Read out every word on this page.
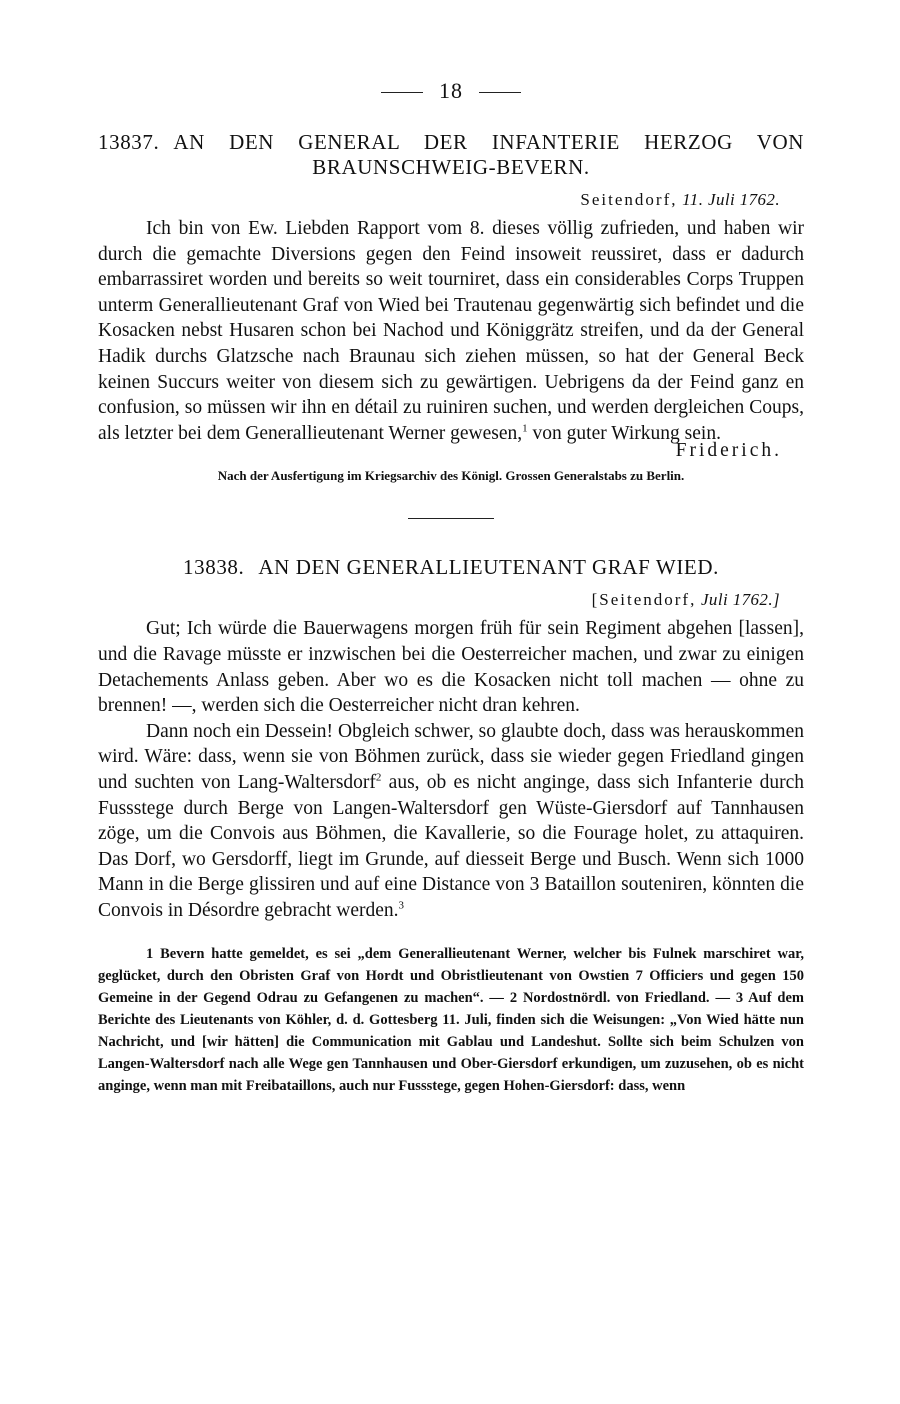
18
13837. AN DEN GENERAL DER INFANTERIE HERZOG VON BRAUNSCHWEIG-BEVERN.
Seitendorf, 11. Juli 1762.

Ich bin von Ew. Liebden Rapport vom 8. dieses völlig zufrieden, und haben wir durch die gemachte Diversions gegen den Feind insoweit reussiret, dass er dadurch embarrassiret worden und bereits so weit tourniret, dass ein considerables Corps Truppen unterm Generallieutenant Graf von Wied bei Trautenau gegenwärtig sich befindet und die Kosacken nebst Husaren schon bei Nachod und Königgrätz streifen, und da der General Hadik durchs Glatzsche nach Braunau sich ziehen müssen, so hat der General Beck keinen Succurs weiter von diesem sich zu gewärtigen. Uebrigens da der Feind ganz en confusion, so müssen wir ihn en détail zu ruiniren suchen, und werden dergleichen Coups, als letzter bei dem Generallieutenant Werner gewesen,$^1$ von guter Wirkung sein.

Friderich.
Nach der Ausfertigung im Kriegsarchiv des Königl. Grossen Generalstabs zu Berlin.
13838. AN DEN GENERALLIEUTENANT GRAF WIED.
[Seitendorf, Juli 1762.]

Gut; Ich würde die Bauerwagens morgen früh für sein Regiment abgehen [lassen], und die Ravage müsste er inzwischen bei die Oesterreicher machen, und zwar zu einigen Detachements Anlass geben. Aber wo es die Kosacken nicht toll machen — ohne zu brennen! —, werden sich die Oesterreicher nicht dran kehren.

Dann noch ein Dessein! Obgleich schwer, so glaubte doch, dass was herauskommen wird. Wäre: dass, wenn sie von Böhmen zurück, dass sie wieder gegen Friedland gingen und suchten von Lang-Waltersdorf$^2$ aus, ob es nicht anginge, dass sich Infanterie durch Fussstege durch Berge von Langen-Waltersdorf gen Wüste-Giersdorf auf Tannhausen zöge, um die Convois aus Böhmen, die Kavallerie, so die Fourage holet, zu attaquiren. Das Dorf, wo Gersdorff, liegt im Grunde, auf diesseit Berge und Busch. Wenn sich 1000 Mann in die Berge glissiren und auf eine Distance von 3 Bataillon souteniren, könnten die Convois in Désordre gebracht werden.$^3$

1 Bevern hatte gemeldet, es sei „dem Generallieutenant Werner, welcher bis Fulnek marschiret war, geglücket, durch den Obristen Graf von Hordt und Obristlieutenant von Owstien 7 Officiers und gegen 150 Gemeine in der Gegend Odrau zu Gefangenen zu machen“. — 2 Nordostnördl. von Friedland. — 3 Auf dem Berichte des Lieutenants von Köhler, d. d. Gottesberg 11. Juli, finden sich die Weisungen: „Von Wied hätte nun Nachricht, und [wir hätten] die Communication mit Gablau und Landeshut. Sollte sich beim Schulzen von Langen-Waltersdorf nach alle Wege gen Tannhausen und Ober-Giersdorf erkundigen, um zuzusehen, ob es nicht anginge, wenn man mit Freibataillons, auch nur Fussstege, gegen Hohen-Giersdorf: dass, wenn
